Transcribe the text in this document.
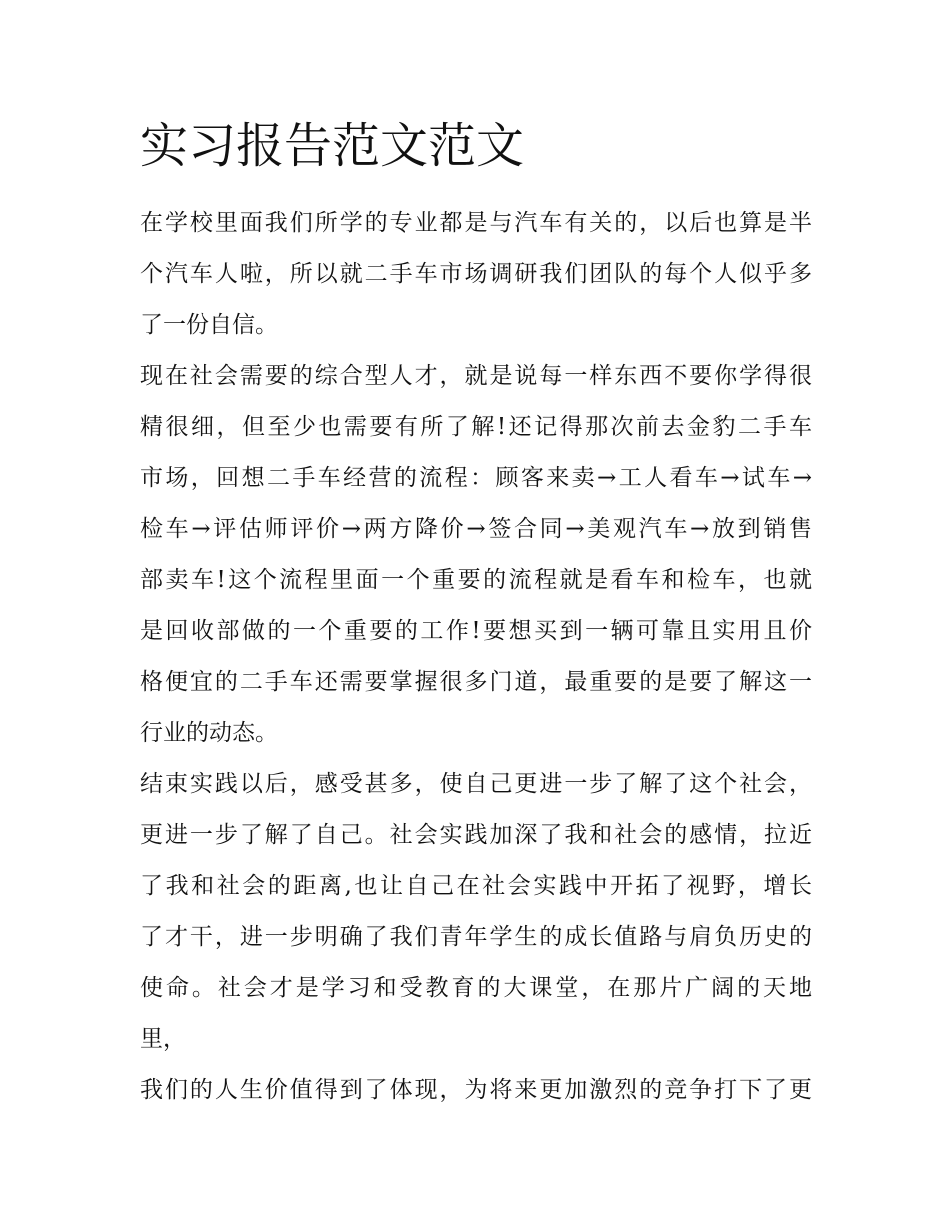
实习报告范文范文
在学校里面我们所学的专业都是与汽车有关的，以后也算是半
个汽车人啦，所以就二手车市场调研我们团队的每个人似乎多
了一份自信。
现在社会需要的综合型人才，就是说每一样东西不要你学得很
精很细，但至少也需要有所了解!还记得那次前去金豹二手车
市场，回想二手车经营的流程：顾客来卖→工人看车→试车→
检车→评估师评价→两方降价→签合同→美观汽车→放到销售
部卖车!这个流程里面一个重要的流程就是看车和检车，也就
是回收部做的一个重要的工作!要想买到一辆可靠且实用且价
格便宜的二手车还需要掌握很多门道，最重要的是要了解这一
行业的动态。
结束实践以后，感受甚多，使自己更进一步了解了这个社会，
更进一步了解了自己。社会实践加深了我和社会的感情，拉近
了我和社会的距离,也让自己在社会实践中开拓了视野，增长
了才干，进一步明确了我们青年学生的成长值路与肩负历史的
使命。社会才是学习和受教育的大课堂，在那片广阔的天地
里，
我们的人生价值得到了体现，为将来更加激烈的竞争打下了更
